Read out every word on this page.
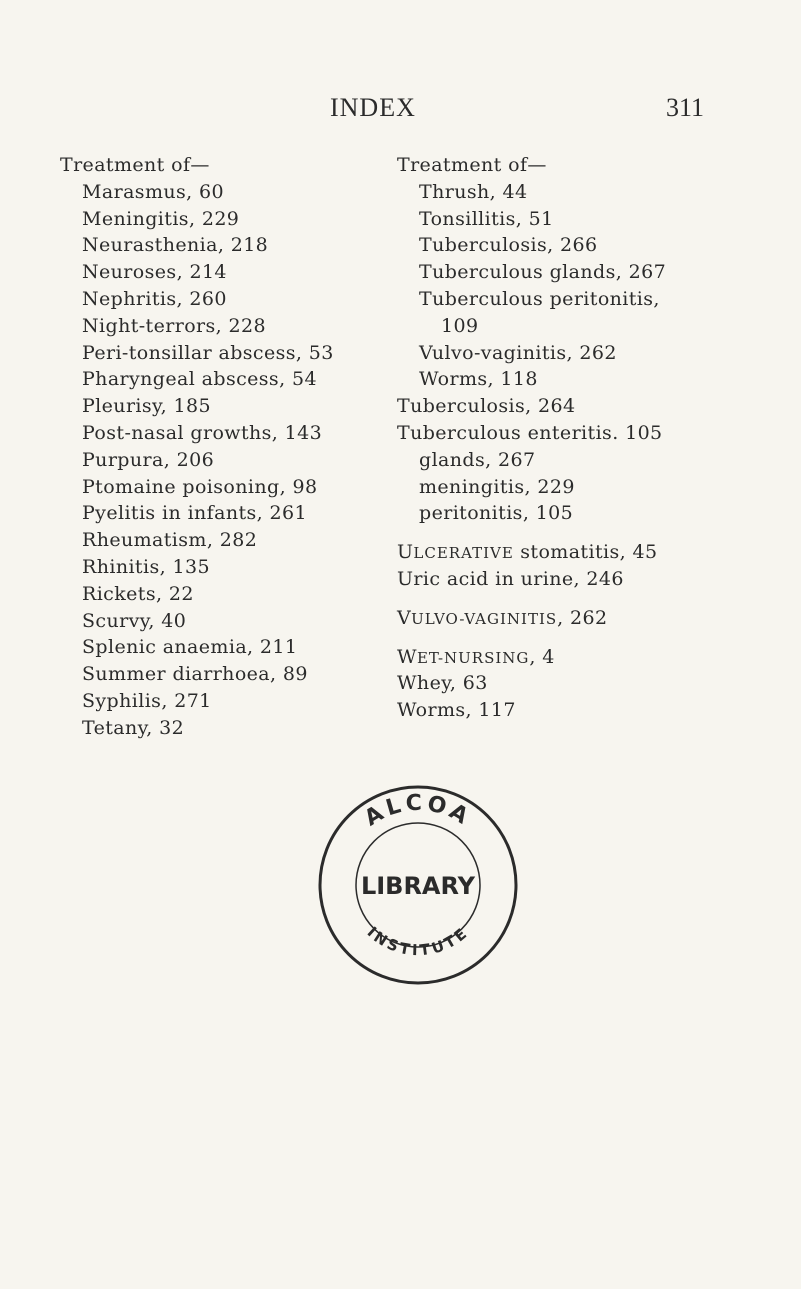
INDEX	311
Treatment of—
Marasmus, 60
Meningitis, 229
Neurasthenia, 218
Neuroses, 214
Nephritis, 260
Night-terrors, 228
Peri-tonsillar abscess, 53
Pharyngeal abscess, 54
Pleurisy, 185
Post-nasal growths, 143
Purpura, 206
Ptomaine poisoning, 98
Pyelitis in infants, 261
Rheumatism, 282
Rhinitis, 135
Rickets, 22
Scurvy, 40
Splenic anaemia, 211
Summer diarrhoea, 89
Syphilis, 271
Tetany, 32
Treatment of—
Thrush, 44
Tonsillitis, 51
Tuberculosis, 266
Tuberculous glands, 267
Tuberculous peritonitis,
109
Vulvo-vaginitis, 262
Worms, 118
Tuberculosis, 264
Tuberculous enteritis. 105
glands, 267
meningitis, 229
peritonitis, 105
ULCERATIVE stomatitis, 45
Uric acid in urine, 246
VULVO-VAGINITIS, 262
WET-NURSING, 4
Whey, 63
Worms, 117
ALCOA
LIBRARY
INSTITUTE
